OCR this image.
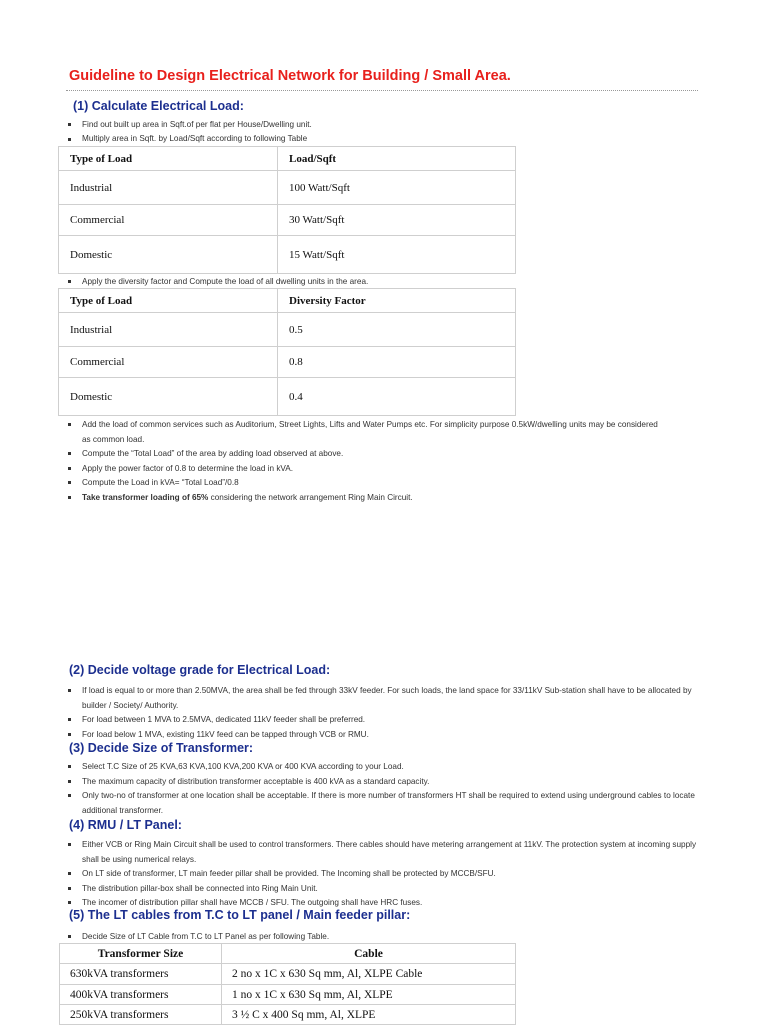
Guideline to Design Electrical Network for Building / Small Area.
(1) Calculate Electrical Load:
Find out built up area in Sqft.of per flat per House/Dwelling unit.
Multiply area in Sqft. by Load/Sqft according to following Table
Type of Load	Load/Sqft
Industrial	100 Watt/Sqft
Commercial	30 Watt/Sqft
Domestic	15 Watt/Sqft
Apply the diversity factor and Compute the load of all dwelling units in the area.
Type of Load	Diversity Factor
Industrial	0.5
Commercial	0.8
Domestic	0.4
Add the load of common services such as Auditorium, Street Lights, Lifts and Water Pumps etc. For simplicity purpose 0.5kW/dwelling units may be considered as common load.
Compute the “Total Load” of the area by adding load observed at above.
Apply the power factor of 0.8 to determine the load in kVA.
Compute the Load in kVA= “Total Load”/0.8
Take transformer loading of 65% considering the network arrangement Ring Main Circuit.
(2) Decide voltage grade for Electrical Load:
If load is equal to or more than 2.50MVA, the area shall be fed through 33kV feeder. For such loads, the land space for 33/11kV Sub-station shall have to be allocated by builder / Society/ Authority.
For load between 1 MVA to 2.5MVA, dedicated 11kV feeder shall be preferred.
For load below 1 MVA, existing 11kV feed can be tapped through VCB or RMU.
(3) Decide Size of Transformer:
Select T.C Size of 25 KVA,63 KVA,100 KVA,200 KVA or 400 KVA according to your Load.
The maximum capacity of distribution transformer acceptable is 400 kVA as a standard capacity.
Only two-no of transformer at one location shall be acceptable. If there is more number of transformers HT shall be required to extend using underground cables to locate additional transformer.
(4) RMU / LT Panel:
Either VCB or Ring Main Circuit shall be used to control transformers. There cables should have metering arrangement at 11kV. The protection system at incoming supply shall be using numerical relays.
On LT side of transformer, LT main feeder pillar shall be provided. The Incoming shall be protected by MCCB/SFU.
The distribution pillar-box shall be connected into Ring Main Unit.
The incomer of distribution pillar shall have MCCB / SFU. The outgoing shall have HRC fuses.
(5) The LT cables from T.C to LT panel / Main feeder pillar:
Decide Size of LT Cable from T.C to LT Panel as per following Table.
Transformer Size	Cable
630kVA transformers	2 no x 1C x 630 Sq mm, Al, XLPE Cable
400kVA transformers	1 no x 1C x 630 Sq mm, Al, XLPE
250kVA transformers	3 ½ C x 400 Sq mm, Al, XLPE
